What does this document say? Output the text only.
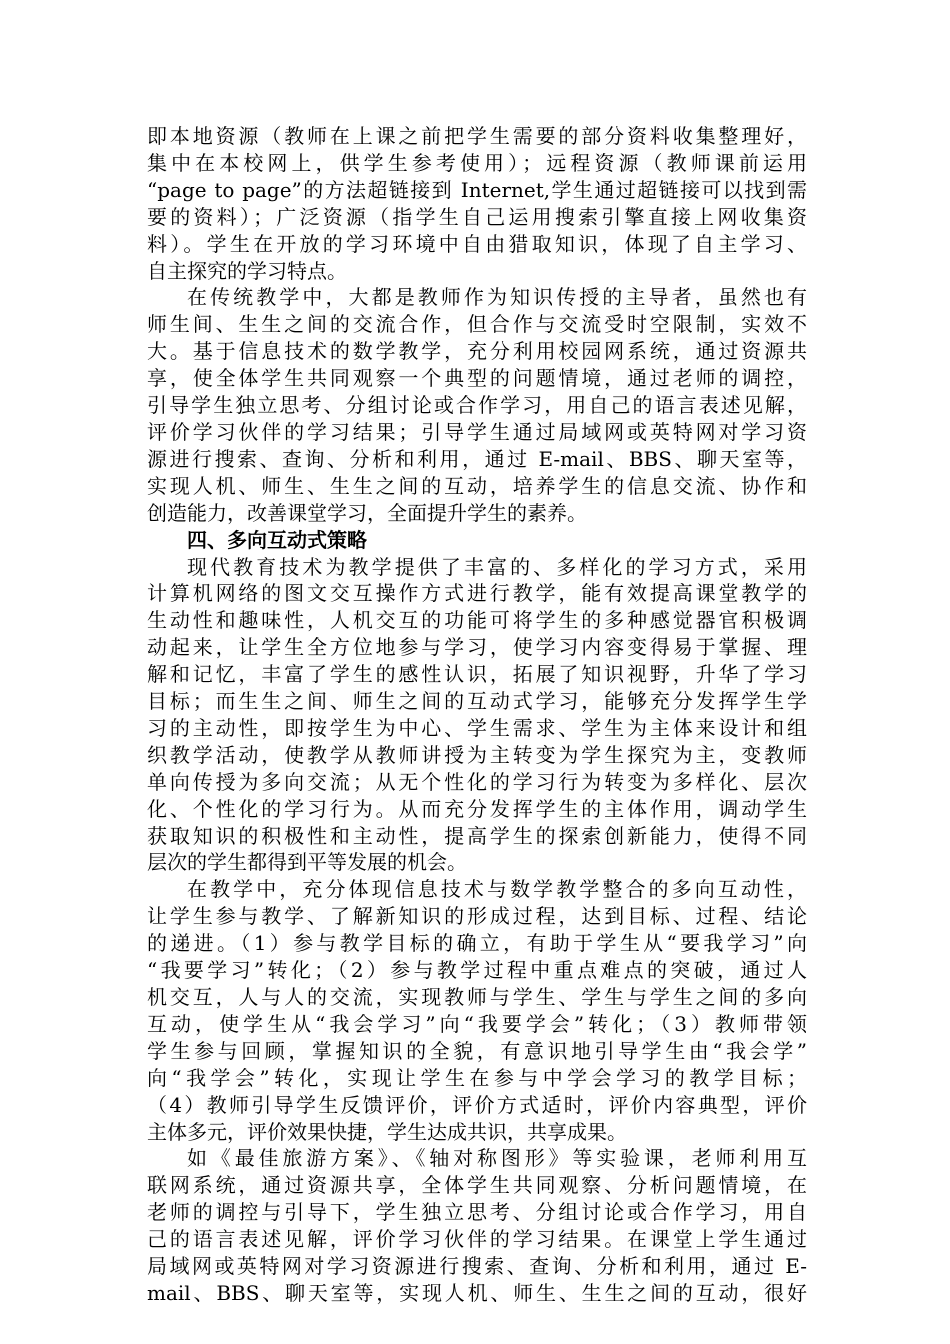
即本地资源（教师在上课之前把学生需要的部分资料收集整理好，
集中在本校网上，供学生参考使用）；远程资源（教师课前运用
“page to page”的方法超链接到 Internet,学生通过超链接可以找到需
要的资料）；广泛资源（指学生自己运用搜索引擎直接上网收集资
料）。学生在开放的学习环境中自由猎取知识，体现了自主学习、
自主探究的学习特点。
在传统教学中，大都是教师作为知识传授的主导者，虽然也有
师生间、生生之间的交流合作，但合作与交流受时空限制，实效不
大。基于信息技术的数学教学，充分利用校园网系统，通过资源共
享，使全体学生共同观察一个典型的问题情境，通过老师的调控，
引导学生独立思考、分组讨论或合作学习，用自己的语言表述见解，
评价学习伙伴的学习结果；引导学生通过局域网或英特网对学习资
源进行搜索、查询、分析和利用，通过 E-mail、BBS、聊天室等，
实现人机、师生、生生之间的互动，培养学生的信息交流、协作和
创造能力，改善课堂学习，全面提升学生的素养。
四、多向互动式策略
现代教育技术为教学提供了丰富的、多样化的学习方式，采用
计算机网络的图文交互操作方式进行教学，能有效提高课堂教学的
生动性和趣味性，人机交互的功能可将学生的多种感觉器官积极调
动起来，让学生全方位地参与学习，使学习内容变得易于掌握、理
解和记忆，丰富了学生的感性认识，拓展了知识视野，升华了学习
目标；而生生之间、师生之间的互动式学习，能够充分发挥学生学
习的主动性，即按学生为中心、学生需求、学生为主体来设计和组
织教学活动，使教学从教师讲授为主转变为学生探究为主，变教师
单向传授为多向交流；从无个性化的学习行为转变为多样化、层次
化、个性化的学习行为。从而充分发挥学生的主体作用，调动学生
获取知识的积极性和主动性，提高学生的探索创新能力，使得不同
层次的学生都得到平等发展的机会。
在教学中，充分体现信息技术与数学教学整合的多向互动性，
让学生参与教学、了解新知识的形成过程，达到目标、过程、结论
的递进。（1）参与教学目标的确立，有助于学生从“要我学习”向
“我要学习”转化；（2）参与教学过程中重点难点的突破，通过人
机交互，人与人的交流，实现教师与学生、学生与学生之间的多向
互动，使学生从“我会学习”向“我要学会”转化；（3）教师带领
学生参与回顾，掌握知识的全貌，有意识地引导学生由“我会学”
向“我学会”转化，实现让学生在参与中学会学习的教学目标；
（4）教师引导学生反馈评价，评价方式适时，评价内容典型，评价
主体多元，评价效果快捷，学生达成共识，共享成果。
如《最佳旅游方案》、《轴对称图形》等实验课，老师利用互
联网系统，通过资源共享，全体学生共同观察、分析问题情境，在
老师的调控与引导下，学生独立思考、分组讨论或合作学习，用自
己的语言表述见解，评价学习伙伴的学习结果。在课堂上学生通过
局域网或英特网对学习资源进行搜索、查询、分析和利用，通过 E-
mail、BBS、聊天室等，实现人机、师生、生生之间的互动，很好
